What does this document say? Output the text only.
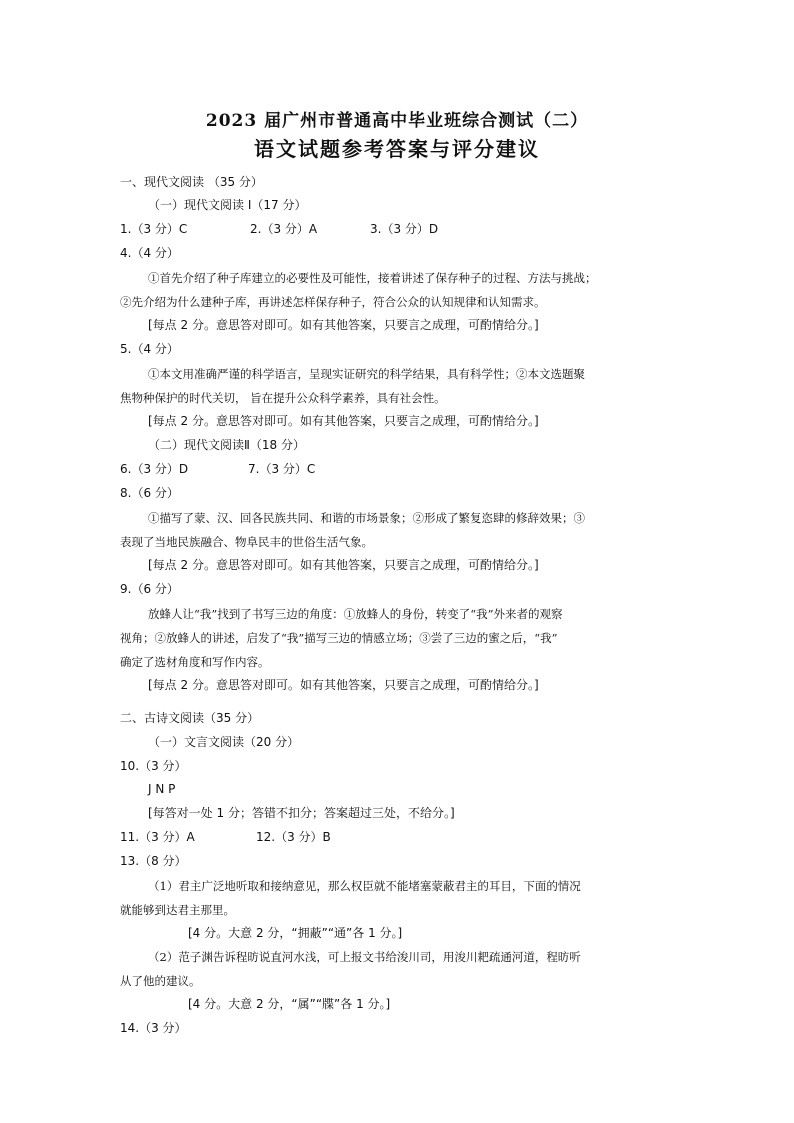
2023 届广州市普通高中毕业班综合测试（二）
语文试题参考答案与评分建议
一、现代文阅读 （35 分）
（一）现代文阅读 Ⅰ（17 分）
1.（3 分）C	2.（3 分）A	3.（3 分）D
4.（4 分）
①首先介绍了种子库建立的必要性及可能性，接着讲述了保存种子的过程、方法与挑战；
②先介绍为什么建种子库，再讲述怎样保存种子，符合公众的认知规律和认知需求。
[每点 2 分。意思答对即可。如有其他答案，只要言之成理，可酌情给分。]
5.（4 分）
①本文用准确严谨的科学语言，呈现实证研究的科学结果，具有科学性；②本文选题聚
焦物种保护的时代关切， 旨在提升公众科学素养，具有社会性。
[每点 2 分。意思答对即可。如有其他答案，只要言之成理，可酌情给分。]
（二）现代文阅读Ⅱ（18 分）
6.（3 分）D	7.（3 分）C
8.（6 分）
①描写了蒙、汉、回各民族共同、和谐的市场景象；②形成了繁复恣肆的修辞效果；③
表现了当地民族融合、物阜民丰的世俗生活气象。
[每点 2 分。意思答对即可。如有其他答案，只要言之成理，可酌情给分。]
9.（6 分）
放蜂人让“我”找到了书写三边的角度：①放蜂人的身份，转变了“我”外来者的观察
视角；②放蜂人的讲述，启发了“我”描写三边的情感立场；③尝了三边的蜜之后，“我”
确定了选材角度和写作内容。
[每点 2 分。意思答对即可。如有其他答案，只要言之成理，可酌情给分。]
二、古诗文阅读（35 分）
（一）文言文阅读（20 分）
10.（3 分）
J N P
[每答对一处 1 分；答错不扣分；答案超过三处，不给分。]
11.（3 分）A	12.（3 分）B
13.（8 分）
（1）君主广泛地听取和接纳意见，那么权臣就不能堵塞蒙蔽君主的耳目，下面的情况
就能够到达君主那里。
[4 分。大意 2 分，“拥蔽”“通”各 1 分。]
（2）范子渊告诉程昉说直河水浅，可上报文书给浚川司，用浚川耙疏通河道，程昉听
从了他的建议。
[4 分。大意 2 分，“属”“牒”各 1 分。]
14.（3 分）
